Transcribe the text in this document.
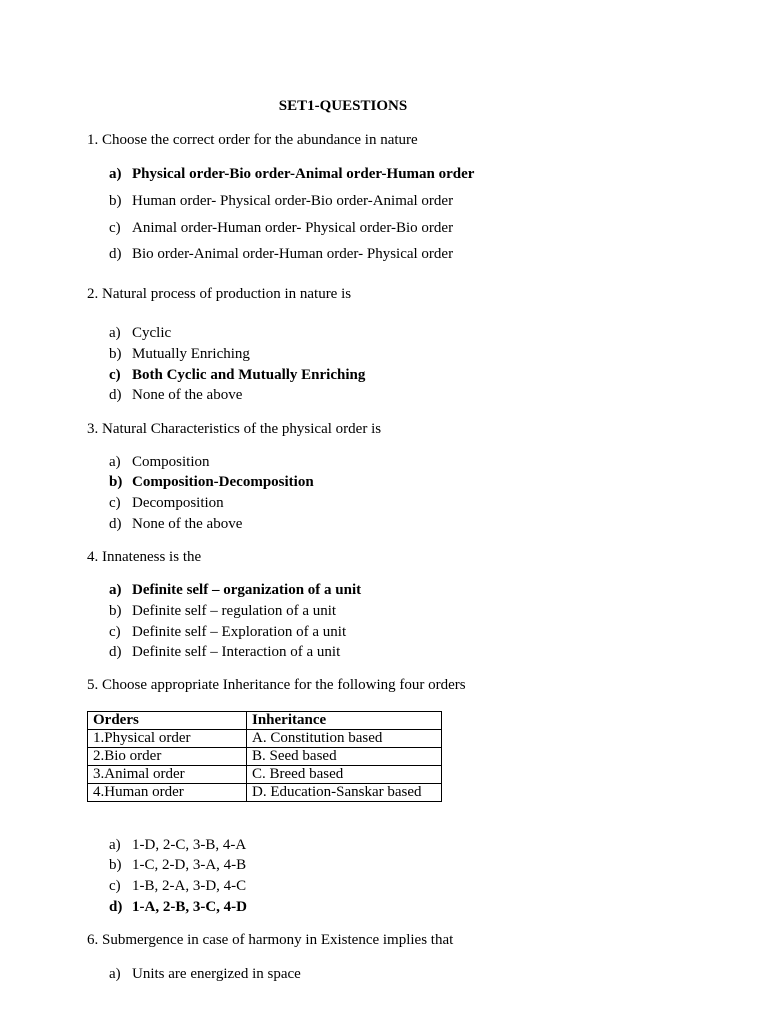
SET1-QUESTIONS
1. Choose the correct order for the abundance in nature
a) Physical order-Bio order-Animal order-Human order
b) Human order- Physical order-Bio order-Animal order
c) Animal order-Human order- Physical order-Bio order
d) Bio order-Animal order-Human order- Physical order
2. Natural process of production in nature is
a) Cyclic
b) Mutually Enriching
c) Both Cyclic and Mutually Enriching
d) None of the above
3. Natural Characteristics of the physical order is
a) Composition
b) Composition-Decomposition
c) Decomposition
d) None of the above
4. Innateness is the
a) Definite self – organization of a unit
b) Definite self – regulation of a unit
c) Definite self – Exploration of a unit
d) Definite self – Interaction of a unit
5. Choose appropriate Inheritance for the following four orders
Orders	Inheritance
1.Physical order	A. Constitution based
2.Bio order	B. Seed based
3.Animal order	C. Breed based
4.Human order	D. Education-Sanskar based
a) 1-D, 2-C, 3-B, 4-A
b) 1-C, 2-D, 3-A, 4-B
c) 1-B, 2-A, 3-D, 4-C
d) 1-A, 2-B, 3-C, 4-D
6. Submergence in case of harmony in Existence implies that
a) Units are energized in space
